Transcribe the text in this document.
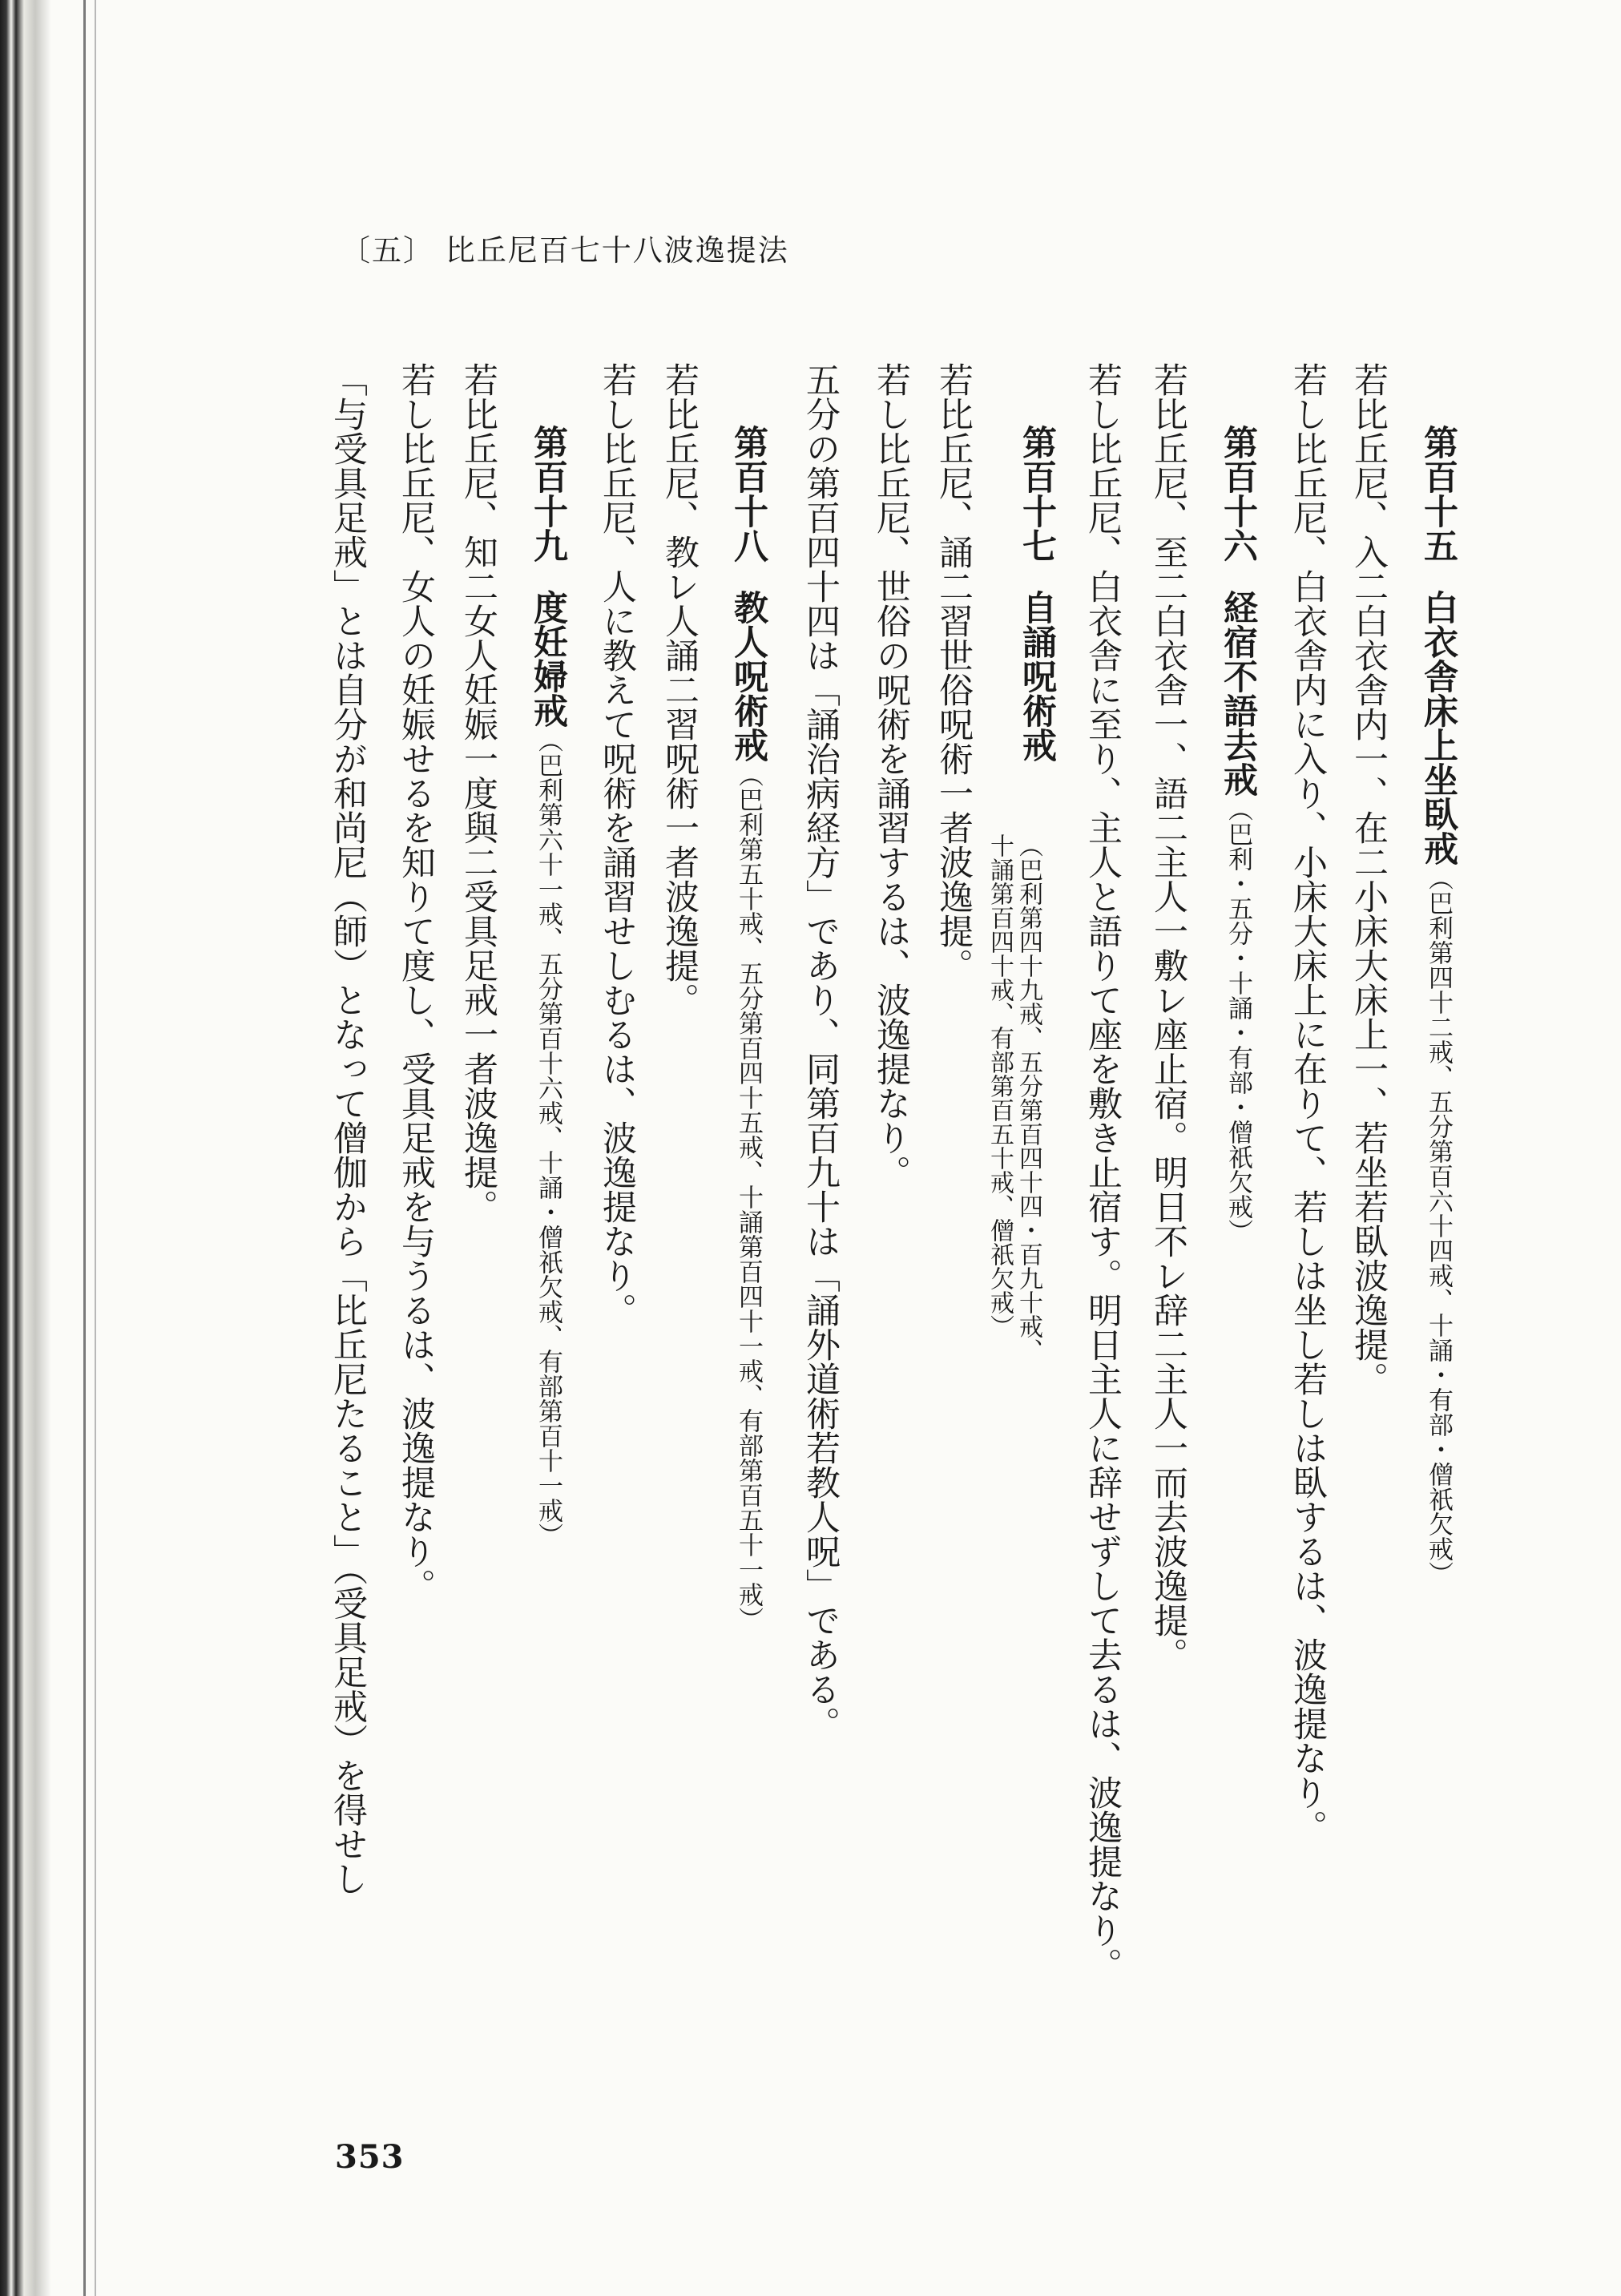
〔五〕 比丘尼百七十八波逸提法
第百十五白衣舎床上坐臥戒（巴利第四十二戒、五分第百六十四戒、十誦・有部・僧祇欠戒）
若比丘尼、入二白衣舎内一、在二小床大床上一、若坐若臥波逸提。
若し比丘尼、白衣舎内に入り、小床大床上に在りて、若しは坐し若しは臥するは、波逸提なり。
第百十六経宿不語去戒（巴利・五分・十誦・有部・僧祇欠戒）
若比丘尼、至二白衣舎一、語二主人一敷レ座止宿。明日不レ辞二主人一而去波逸提。
若し比丘尼、白衣舎に至り、主人と語りて座を敷き止宿す。明日主人に辞せずして去るは、波逸提なり。
第百十七自誦呪術戒
（巴利第四十九戒、五分第百四十四・百九十戒、
十誦第百四十戒、有部第百五十戒、僧祇欠戒）
若比丘尼、誦二習世俗呪術一者波逸提。
若し比丘尼、世俗の呪術を誦習するは、波逸提なり。
五分の第百四十四は「誦治病経方」であり、同第百九十は「誦外道術若教人呪」である。
第百十八教人呪術戒（巴利第五十戒、五分第百四十五戒、十誦第百四十一戒、有部第百五十一戒）
若比丘尼、教レ人誦二習呪術一者波逸提。
若し比丘尼、人に教えて呪術を誦習せしむるは、波逸提なり。
第百十九度妊婦戒（巴利第六十一戒、五分第百十六戒、十誦・僧祇欠戒、有部第百十一戒）
若比丘尼、知二女人妊娠一度與二受具足戒一者波逸提。
若し比丘尼、女人の妊娠せるを知りて度し、受具足戒を与うるは、波逸提なり。
「与受具足戒」とは自分が和尚尼（師）となって僧伽から「比丘尼たること」（受具足戒）を得せし
353
